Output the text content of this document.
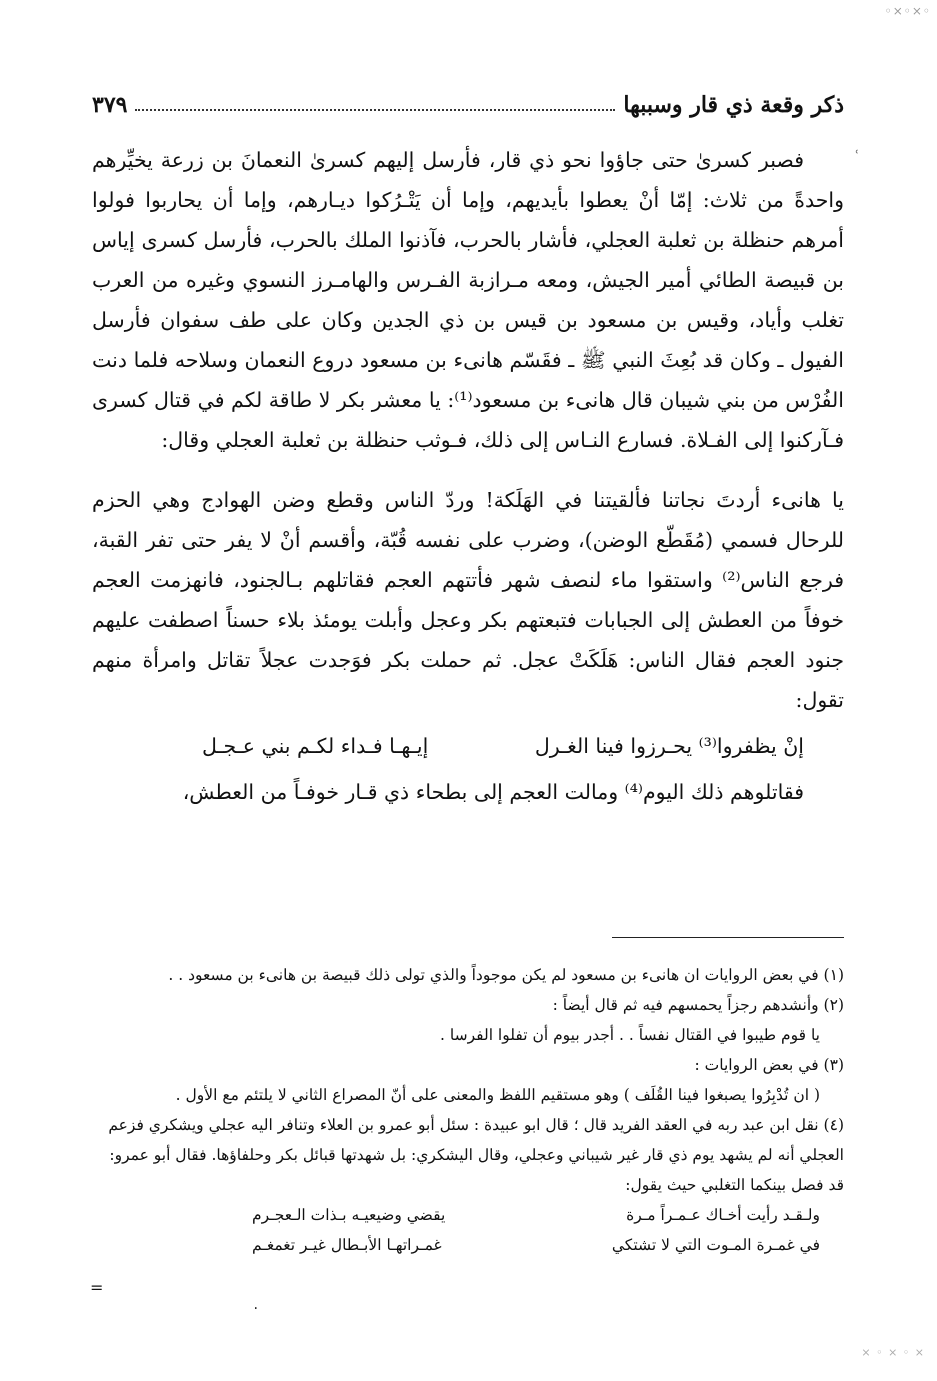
◦×◦×◦
˓
ذكر وقعة ذي قار وسببها
٣٧٩

فصبر كسرىٰ حتى جاؤوا نحو ذي قار، فأرسل إليهم كسرىٰ النعمانَ بن زرعة يخيِّرهم واحدةً من ثلاث: إمّا أنْ يعطوا بأيديهم، وإما أن يَتْـرُكوا ديـارهم، وإما أن يحاربوا فولوا أمرهم حنظلة بن ثعلبة العجلي، فأشار بالحرب، فآذنوا الملك بالحرب، فأرسل كسرى إياس بن قبيصة الطائي أمير الجيش، ومعه مـرازبة الفـرس والهامـرز النسوي وغيره من العرب تغلب وأياد، وقيس بن مسعود بن قيس بن ذي الجدين وكان على طف سفوان فأرسل الفيول ـ وكان قد بُعِثَ النبي ﷺ ـ فقَسّم هانىء بن مسعود دروع النعمان وسلاحه فلما دنت الفُرْس من بني شيبان قال هانىء بن مسعود⁽¹⁾: يا معشر بكر لا طاقة لكم في قتال كسرى فـآركنوا إلى الفـلاة. فسارع النـاس إلى ذلك، فـوثب حنظلة بن ثعلبة العجلي وقال:

يا هانىء أردتَ نجاتنا فألقيتنا في الهَلَكة! وردّ الناس وقطع وضن الهوادج وهي الحزم للرحال فسمي (مُقَطّع الوضن)، وضرب على نفسه قُبّة، وأقسم أنْ لا يفر حتى تفر القبة، فرجع الناس⁽²⁾ واستقوا ماء لنصف شهر فأتتهم العجم فقاتلهم بـالجنود، فانهزمت العجم خوفاً من العطش إلى الجبابات فتبعتهم بكر وعجل وأبلت يومئذ بلاء حسناً اصطفت عليهم جنود العجم فقال الناس: هَلَكَتْ عجل. ثم حملت بكر فوَجدت عجلاً تقاتل وامرأة منهم تقول:

إنْ يظفروا⁽³⁾ يحـرزوا فينا الغـرل
إيـهـا فـداء لكـم بني عـجـل

فقاتلوهم ذلك اليوم⁽⁴⁾ ومالت العجم إلى بطحاء ذي قـار خوفـاً من العطش،

(١) في بعض الروايات ان هانىء بن مسعود لم يكن موجوداً والذي تولى ذلك قبيصة بن هانىء بن مسعود . .

(٢) وأنشدهم رجزاً يحمسهم فيه ثم قال أيضاً :

يا قوم طيبوا في القتال نفساً . . أجدر بيوم أن تفلوا الفرسا .

(٣) في بعض الروايات :

( ان تُدْبِرُوا يصبغوا فينا القُلَف ) وهو مستقيم اللفظ والمعنى على أنّ المصراع الثاني لا يلتئم مع الأول .

(٤) نقل ابن عبد ربه في العقد الفريد قال ؛ قال ابو عبيدة : سئل أبو عمرو بن العلاء وتنافر اليه عجلي ويشكري فزعم العجلي أنه لم يشهد يوم ذي قار غير شيباني وعجلي، وقال اليشكري: بل شهدتها قبائل بكر وحلفاؤها. فقال أبو عمرو: قد فصل بينكما التغلبي حيث يقول:

ولـقـد رأيت أخـاك عـمـراً مـرة
يقضي وضيعيـه بـذات الـعجـرم
في غمـرة المـوت التي لا تشتكي
غمـراتهـا الأبـطال غيـر تغمغـم
=
٠
× ◦ × ◦ ×
